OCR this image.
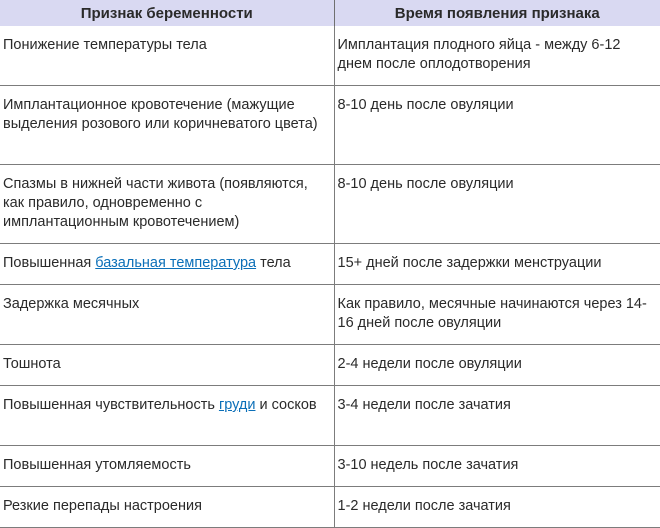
Признак беременности	Время появления признака
Понижение температуры тела	Имплантация плодного яйца - между 6-12 днем после оплодотворения
Имплантационное кровотечение (мажущие выделения розового или коричневатого цвета)	8-10 день после овуляции
Спазмы в нижней части живота (появляются, как правило, одновременно с имплантационным кровотечением)	8-10 день после овуляции
Повышенная базальная температура тела	15+ дней после задержки менструации
Задержка месячных	Как правило, месячные начинаются через 14-16 дней после овуляции
Тошнота	2-4 недели после овуляции
Повышенная чувствительность груди и сосков	3-4 недели после зачатия
Повышенная утомляемость	3-10 недель после зачатия
Резкие перепады настроения	1-2 недели после зачатия
